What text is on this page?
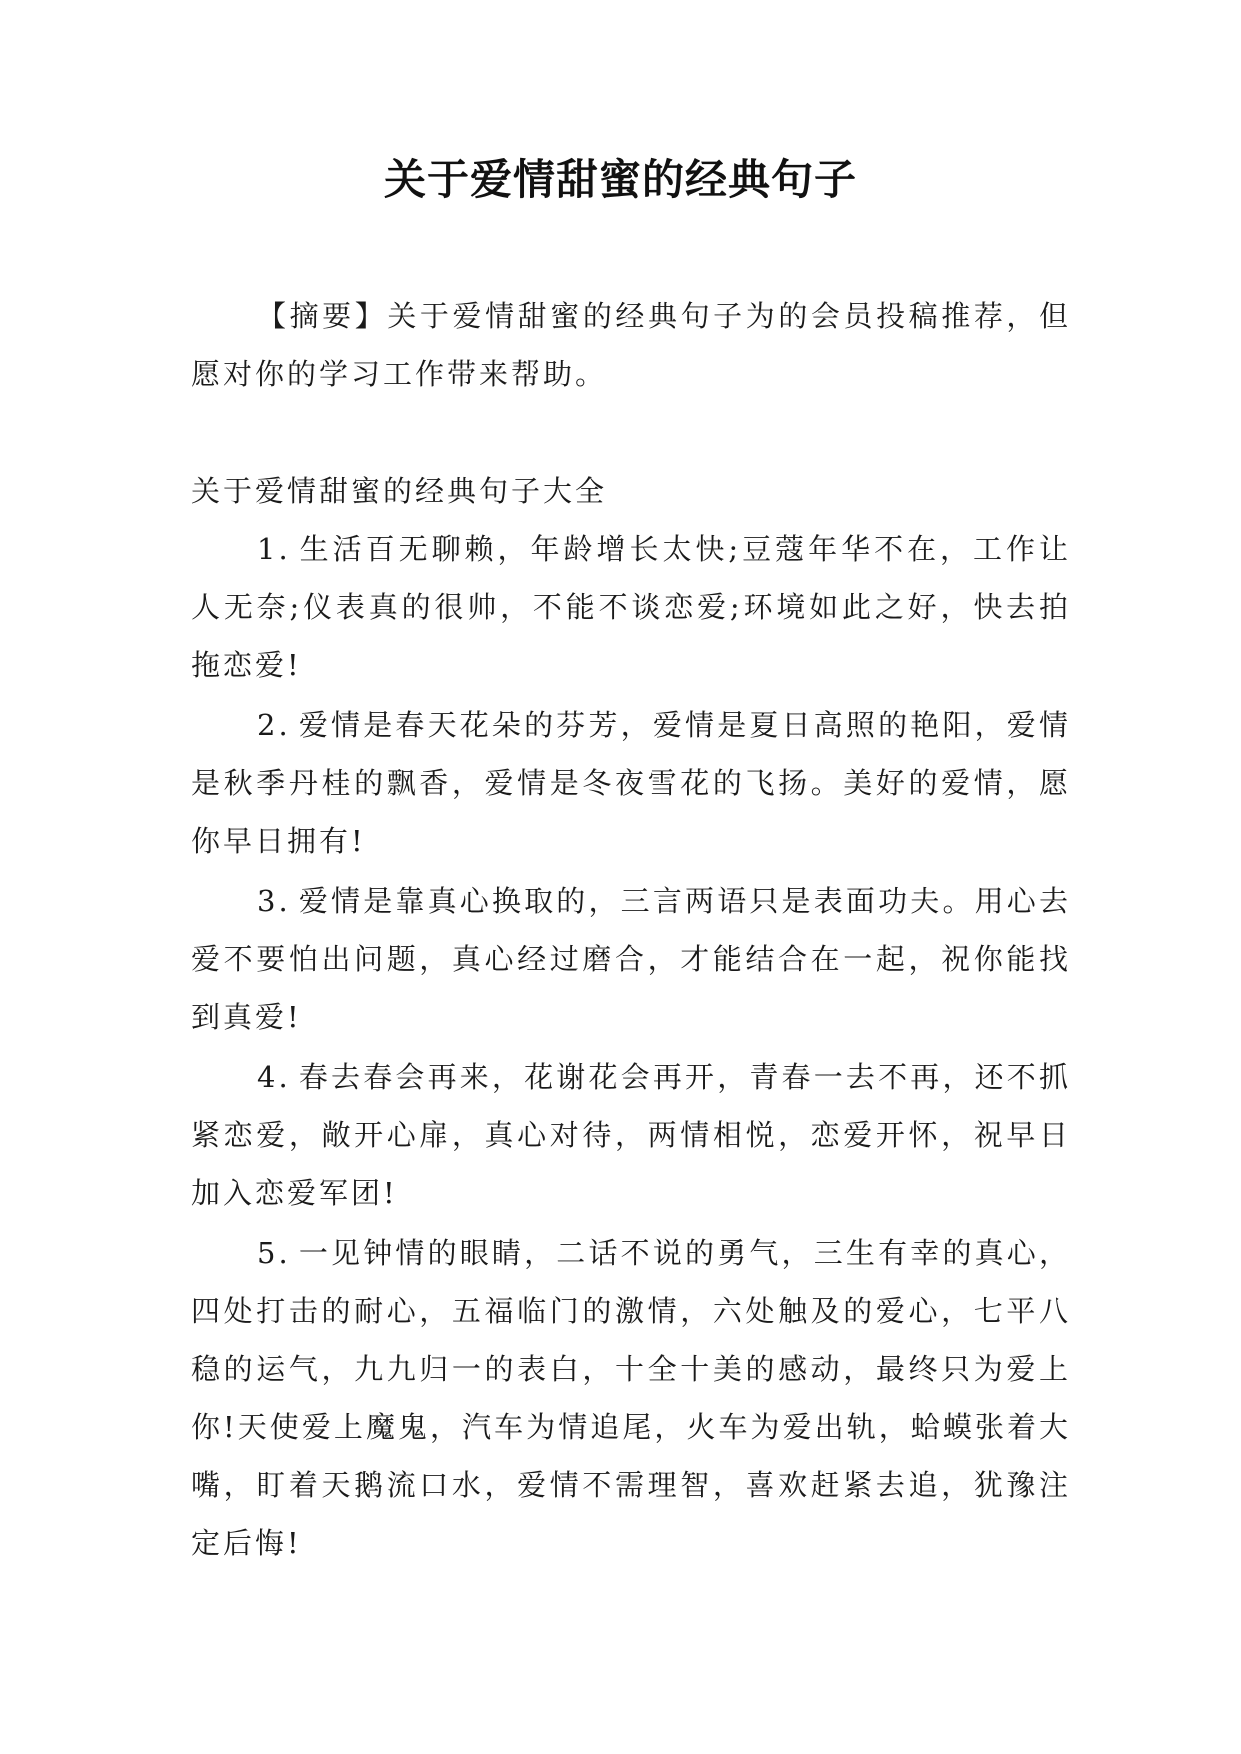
关于爱情甜蜜的经典句子

【摘要】关于爱情甜蜜的经典句子为的会员投稿推荐，但愿对你的学习工作带来帮助。

关于爱情甜蜜的经典句子大全

1. 生活百无聊赖，年龄增长太快;豆蔻年华不在，工作让人无奈;仪表真的很帅，不能不谈恋爱;环境如此之好，快去拍拖恋爱!
2. 爱情是春天花朵的芬芳，爱情是夏日高照的艳阳，爱情是秋季丹桂的飘香，爱情是冬夜雪花的飞扬。美好的爱情，愿你早日拥有!
3. 爱情是靠真心换取的，三言两语只是表面功夫。用心去爱不要怕出问题，真心经过磨合，才能结合在一起，祝你能找到真爱!
4. 春去春会再来，花谢花会再开，青春一去不再，还不抓紧恋爱，敞开心扉，真心对待，两情相悦，恋爱开怀，祝早日加入恋爱军团!
5. 一见钟情的眼睛，二话不说的勇气，三生有幸的真心，四处打击的耐心，五福临门的激情，六处触及的爱心，七平八稳的运气，九九归一的表白，十全十美的感动，最终只为爱上你!天使爱上魔鬼，汽车为情追尾，火车为爱出轨，蛤蟆张着大嘴，盯着天鹅流口水，爱情不需理智，喜欢赶紧去追，犹豫注定后悔!
